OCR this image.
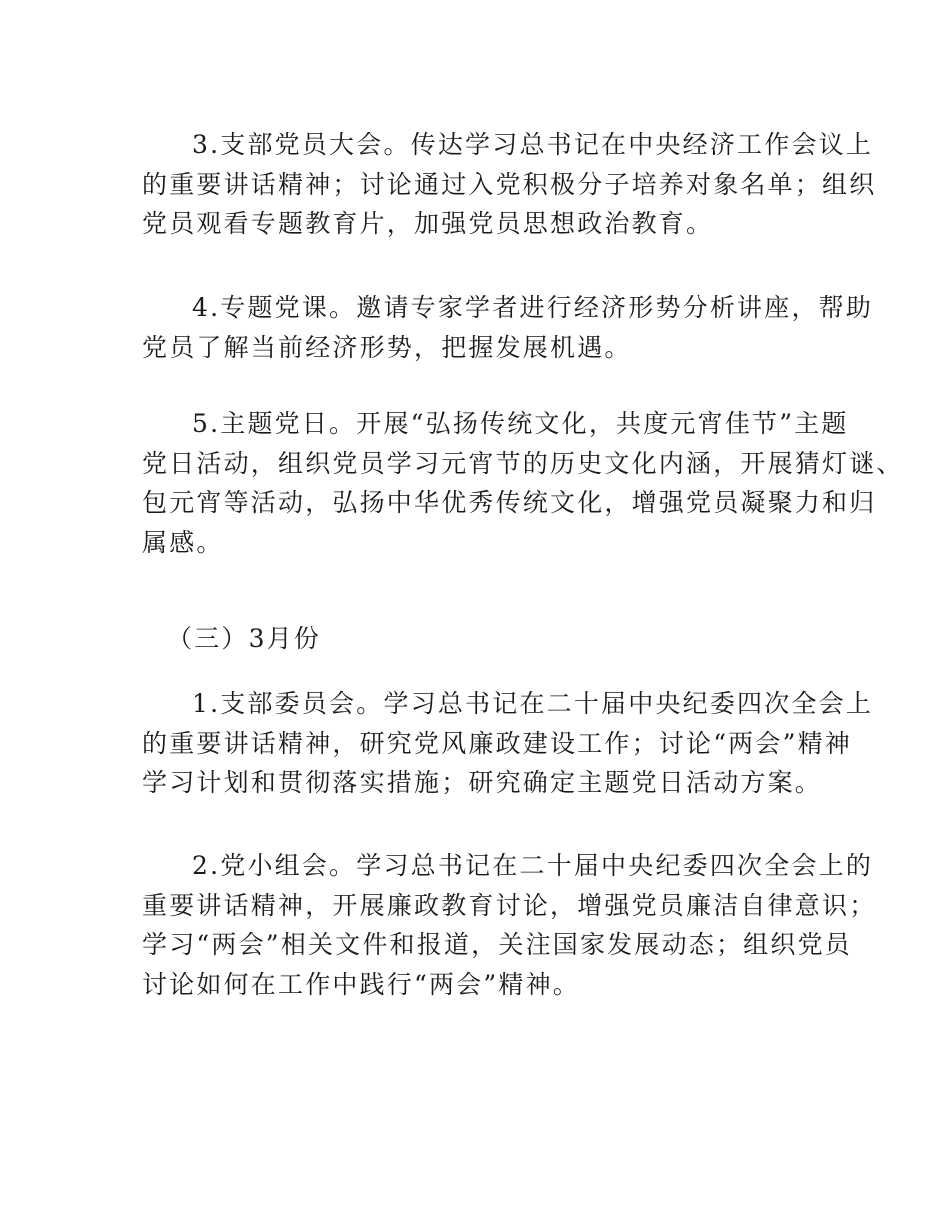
3.支部党员大会。传达学习总书记在中央经济工作会议上
的重要讲话精神；讨论通过入党积极分子培养对象名单；组织
党员观看专题教育片，加强党员思想政治教育。
4.专题党课。邀请专家学者进行经济形势分析讲座，帮助
党员了解当前经济形势，把握发展机遇。
5.主题党日。开展“弘扬传统文化，共度元宵佳节”主题
党日活动，组织党员学习元宵节的历史文化内涵，开展猜灯谜、
包元宵等活动，弘扬中华优秀传统文化，增强党员凝聚力和归
属感。
（三）3月份
1.支部委员会。学习总书记在二十届中央纪委四次全会上
的重要讲话精神，研究党风廉政建设工作；讨论“两会”精神
学习计划和贯彻落实措施；研究确定主题党日活动方案。
2.党小组会。学习总书记在二十届中央纪委四次全会上的
重要讲话精神，开展廉政教育讨论，增强党员廉洁自律意识；
学习“两会”相关文件和报道，关注国家发展动态；组织党员
讨论如何在工作中践行“两会”精神。
